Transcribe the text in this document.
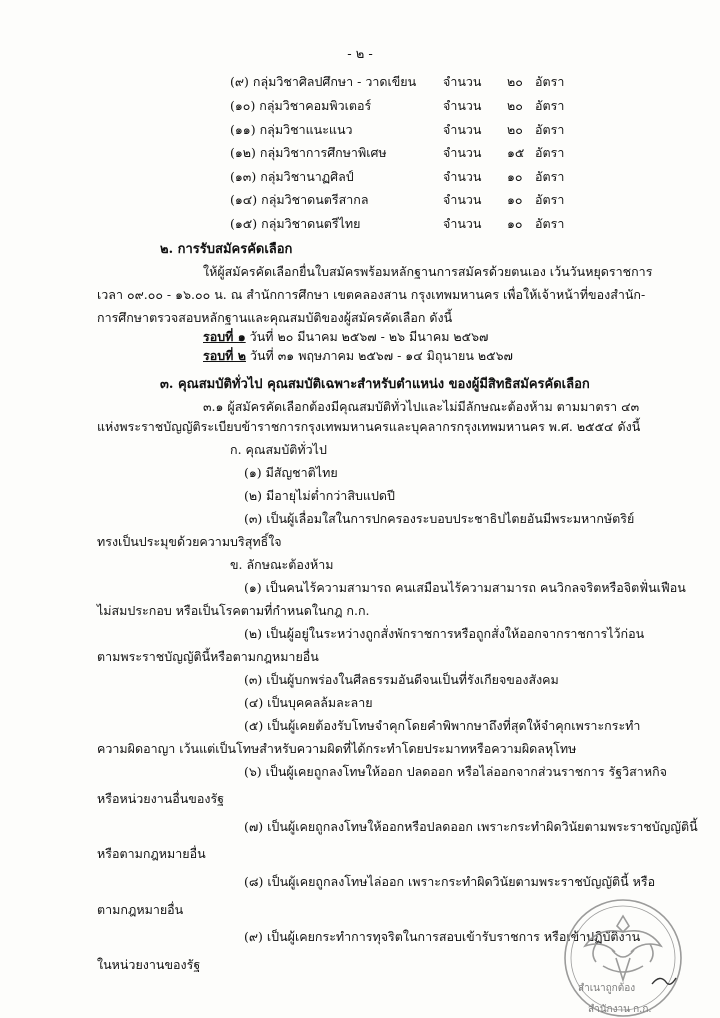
- ๒ -
(๙) กลุ่มวิชาศิลปศึกษา - วาดเขียน จำนวน ๒๐ อัตรา
(๑๐) กลุ่มวิชาคอมพิวเตอร์	จำนวน ๒๐ อัตรา
(๑๑) กลุ่มวิชาแนะแนว	จำนวน ๒๐ อัตรา
(๑๒) กลุ่มวิชาการศึกษาพิเศษ	จำนวน ๑๕ อัตรา
(๑๓) กลุ่มวิชานาฏศิลป์	จำนวน ๑๐ อัตรา
(๑๔) กลุ่มวิชาดนตรีสากล	จำนวน ๑๐ อัตรา
(๑๕) กลุ่มวิชาดนตรีไทย	จำนวน ๑๐ อัตรา
๒. การรับสมัครคัดเลือก
ให้ผู้สมัครคัดเลือกยื่นใบสมัครพร้อมหลักฐานการสมัครด้วยตนเอง เว้นวันหยุดราชการ
เวลา ๐๙.๐๐ - ๑๖.๐๐ น. ณ สำนักการศึกษา เขตคลองสาน กรุงเทพมหานคร เพื่อให้เจ้าหน้าที่ของสำนัก-
การศึกษาตรวจสอบหลักฐานและคุณสมบัติของผู้สมัครคัดเลือก ดังนี้
รอบที่ ๑ วันที่ ๒๐ มีนาคม ๒๕๖๗ - ๒๖ มีนาคม ๒๕๖๗
รอบที่ ๒ วันที่ ๓๑ พฤษภาคม ๒๕๖๗ - ๑๔ มิถุนายน ๒๕๖๗
๓. คุณสมบัติทั่วไป คุณสมบัติเฉพาะสำหรับตำแหน่ง ของผู้มีสิทธิสมัครคัดเลือก
๓.๑ ผู้สมัครคัดเลือกต้องมีคุณสมบัติทั่วไปและไม่มีลักษณะต้องห้าม ตามมาตรา ๔๓
แห่งพระราชบัญญัติระเบียบข้าราชการกรุงเทพมหานครและบุคลากรกรุงเทพมหานคร พ.ศ. ๒๕๕๔ ดังนี้
ก. คุณสมบัติทั่วไป
(๑) มีสัญชาติไทย
(๒) มีอายุไม่ต่ำกว่าสิบแปดปี
(๓) เป็นผู้เลื่อมใสในการปกครองระบอบประชาธิปไตยอันมีพระมหากษัตริย์
ทรงเป็นประมุขด้วยความบริสุทธิ์ใจ
ข. ลักษณะต้องห้าม
(๑) เป็นคนไร้ความสามารถ คนเสมือนไร้ความสามารถ คนวิกลจริตหรือจิตฟั่นเฟือน
ไม่สมประกอบ หรือเป็นโรคตามที่กำหนดในกฎ ก.ก.
(๒) เป็นผู้อยู่ในระหว่างถูกสั่งพักราชการหรือถูกสั่งให้ออกจากราชการไว้ก่อน
ตามพระราชบัญญัตินี้หรือตามกฎหมายอื่น
(๓) เป็นผู้บกพร่องในศีลธรรมอันดีจนเป็นที่รังเกียจของสังคม
(๔) เป็นบุคคลล้มละลาย
(๕) เป็นผู้เคยต้องรับโทษจำคุกโดยคำพิพากษาถึงที่สุดให้จำคุกเพราะกระทำ
ความผิดอาญา เว้นแต่เป็นโทษสำหรับความผิดที่ได้กระทำโดยประมาทหรือความผิดลหุโทษ
(๖) เป็นผู้เคยถูกลงโทษให้ออก ปลดออก หรือไล่ออกจากส่วนราชการ รัฐวิสาหกิจ
หรือหน่วยงานอื่นของรัฐ
(๗) เป็นผู้เคยถูกลงโทษให้ออกหรือปลดออก เพราะกระทำผิดวินัยตามพระราชบัญญัตินี้
หรือตามกฎหมายอื่น
(๘) เป็นผู้เคยถูกลงโทษไล่ออก เพราะกระทำผิดวินัยตามพระราชบัญญัตินี้ หรือ
ตามกฎหมายอื่น
(๙) เป็นผู้เคยกระทำการทุจริตในการสอบเข้ารับราชการ หรือเข้าปฏิบัติงาน
ในหน่วยงานของรัฐ
สำเนาถูกต้อง
สำนักงาน ก.ก.
